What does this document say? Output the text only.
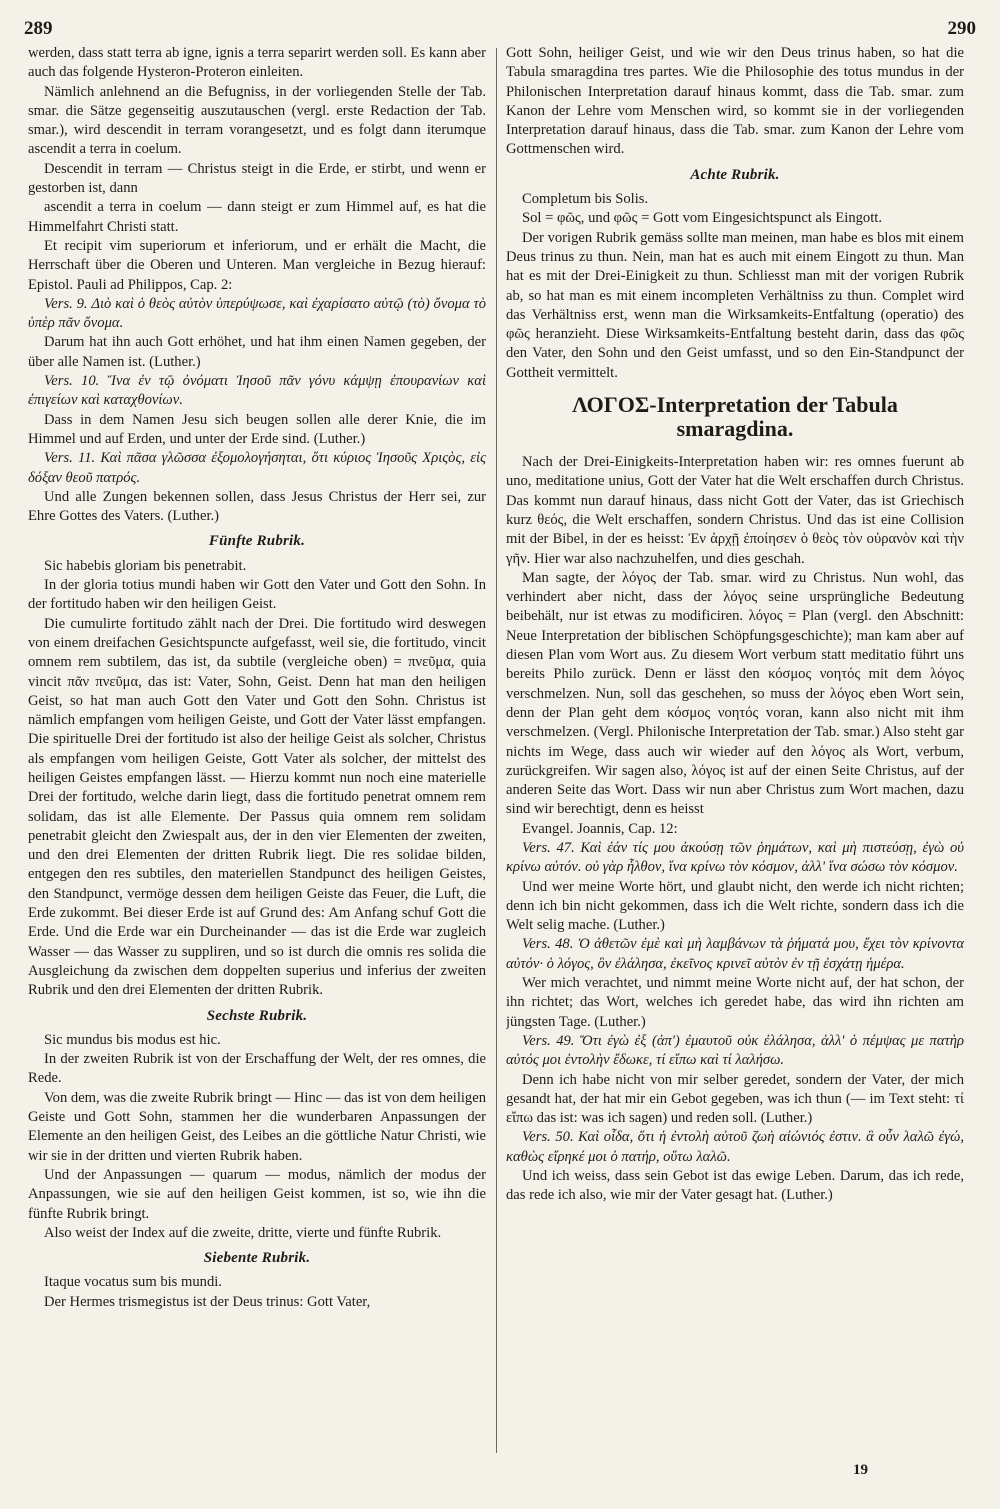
289	290

werden, dass statt terra ab igne, ignis a terra separirt werden soll. Es kann aber auch das folgende Hysteron-Proteron einleiten.

Nämlich anlehnend an die Befugniss, in der vorliegenden Stelle der Tab. smar. die Sätze gegenseitig auszutauschen (vergl. erste Redaction der Tab. smar.), wird descendit in terram vorangesetzt, und es folgt dann iterumque ascendit a terra in coelum.

Descendit in terram — Christus steigt in die Erde, er stirbt, und wenn er gestorben ist, dann

ascendit a terra in coelum — dann steigt er zum Himmel auf, es hat die Himmelfahrt Christi statt.

Et recipit vim superiorum et inferiorum, und er erhält die Macht, die Herrschaft über die Oberen und Unteren. Man vergleiche in Bezug hierauf: Epistol. Pauli ad Philippos, Cap. 2:

Vers. 9. Διὸ καὶ ὁ θεὸς αὐτὸν ὑπερύψωσε, καὶ ἐχαρίσατο αὐτῷ (τὸ) ὄνομα τὸ ὑπὲρ πᾶν ὄνομα.

Darum hat ihn auch Gott erhöhet, und hat ihm einen Namen gegeben, der über alle Namen ist. (Luther.)

Vers. 10. Ἵνα ἐν τῷ ὀνόματι Ἰησοῦ πᾶν γόνυ κάμψῃ ἐπουρανίων καὶ ἐπιγείων καὶ καταχθονίων.

Dass in dem Namen Jesu sich beugen sollen alle derer Knie, die im Himmel und auf Erden, und unter der Erde sind. (Luther.)

Vers. 11. Καὶ πᾶσα γλῶσσα ἐξομολογήσηται, ὅτι κύριος Ἰησοῦς Χριςὸς, εἰς δόξαν θεοῦ πατρός.

Und alle Zungen bekennen sollen, dass Jesus Christus der Herr sei, zur Ehre Gottes des Vaters. (Luther.)

Fünfte Rubrik.

Sic habebis gloriam bis penetrabit.

In der gloria totius mundi haben wir Gott den Vater und Gott den Sohn. In der fortitudo haben wir den heiligen Geist.

Die cumulirte fortitudo zählt nach der Drei. Die fortitudo wird deswegen von einem dreifachen Gesichtspuncte aufgefasst, weil sie, die fortitudo, vincit omnem rem subtilem, das ist, da subtile (vergleiche oben) = πνεῦμα, quia vincit πᾶν πνεῦμα, das ist: Vater, Sohn, Geist. Denn hat man den heiligen Geist, so hat man auch Gott den Vater und Gott den Sohn. Christus ist nämlich empfangen vom heiligen Geiste, und Gott der Vater lässt empfangen. Die spirituelle Drei der fortitudo ist also der heilige Geist als solcher, Christus als empfangen vom heiligen Geiste, Gott Vater als solcher, der mittelst des heiligen Geistes empfangen lässt. — Hierzu kommt nun noch eine materielle Drei der fortitudo, welche darin liegt, dass die fortitudo penetrat omnem rem solidam, das ist alle Elemente. Der Passus quia omnem rem solidam penetrabit gleicht den Zwiespalt aus, der in den vier Elementen der zweiten, und den drei Elementen der dritten Rubrik liegt. Die res solidae bilden, entgegen den res subtiles, den materiellen Standpunct des heiligen Geistes, den Standpunct, vermöge dessen dem heiligen Geiste das Feuer, die Luft, die Erde zukommt. Bei dieser Erde ist auf Grund des: Am Anfang schuf Gott die Erde. Und die Erde war ein Durcheinander — das ist die Erde war zugleich Wasser — das Wasser zu suppliren, und so ist durch die omnis res solida die Ausgleichung da zwischen dem doppelten superius und inferius der zweiten Rubrik und den drei Elementen der dritten Rubrik.

Sechste Rubrik.

Sic mundus bis modus est hic.

In der zweiten Rubrik ist von der Erschaffung der Welt, der res omnes, die Rede.

Von dem, was die zweite Rubrik bringt — Hinc — das ist von dem heiligen Geiste und Gott Sohn, stammen her die wunderbaren Anpassungen der Elemente an den heiligen Geist, des Leibes an die göttliche Natur Christi, wie wir sie in der dritten und vierten Rubrik haben.

Und der Anpassungen — quarum — modus, nämlich der modus der Anpassungen, wie sie auf den heiligen Geist kommen, ist so, wie ihn die fünfte Rubrik bringt.

Also weist der Index auf die zweite, dritte, vierte und fünfte Rubrik.

Siebente Rubrik.

Itaque vocatus sum bis mundi.

Der Hermes trismegistus ist der Deus trinus: Gott Vater,

Gott Sohn, heiliger Geist, und wie wir den Deus trinus haben, so hat die Tabula smaragdina tres partes. Wie die Philosophie des totus mundus in der Philonischen Interpretation darauf hinaus kommt, dass die Tab. smar. zum Kanon der Lehre vom Menschen wird, so kommt sie in der vorliegenden Interpretation darauf hinaus, dass die Tab. smar. zum Kanon der Lehre vom Gottmenschen wird.

Achte Rubrik.

Completum bis Solis.

Sol = φῶς, und φῶς = Gott vom Eingesichtspunct als Eingott.

Der vorigen Rubrik gemäss sollte man meinen, man habe es blos mit einem Deus trinus zu thun. Nein, man hat es auch mit einem Eingott zu thun. Man hat es mit der Drei-Einigkeit zu thun. Schliesst man mit der vorigen Rubrik ab, so hat man es mit einem incompleten Verhältniss zu thun. Complet wird das Verhältniss erst, wenn man die Wirksamkeits-Entfaltung (operatio) des φῶς heranzieht. Diese Wirksamkeits-Entfaltung besteht darin, dass das φῶς den Vater, den Sohn und den Geist umfasst, und so den Ein-Standpunct der Gottheit vermittelt.

ΛΟΓΟΣ-Interpretation der Tabula
smaragdina.

Nach der Drei-Einigkeits-Interpretation haben wir: res omnes fuerunt ab uno, meditatione unius, Gott der Vater hat die Welt erschaffen durch Christus. Das kommt nun darauf hinaus, dass nicht Gott der Vater, das ist Griechisch kurz θεός, die Welt erschaffen, sondern Christus. Und das ist eine Collision mit der Bibel, in der es heisst: Ἐν ἀρχῇ ἐποίησεν ὁ θεὸς τὸν οὐρανὸν καὶ τὴν γῆν. Hier war also nachzuhelfen, und dies geschah.

Man sagte, der λόγος der Tab. smar. wird zu Christus. Nun wohl, das verhindert aber nicht, dass der λόγος seine ursprüngliche Bedeutung beibehält, nur ist etwas zu modificiren. λόγος = Plan (vergl. den Abschnitt: Neue Interpretation der biblischen Schöpfungsgeschichte); man kam aber auf diesen Plan vom Wort aus. Zu diesem Wort verbum statt meditatio führt uns bereits Philo zurück. Denn er lässt den κόσμος νοητός mit dem λόγος verschmelzen. Nun, soll das geschehen, so muss der λόγος eben Wort sein, denn der Plan geht dem κόσμος νοητός voran, kann also nicht mit ihm verschmelzen. (Vergl. Philonische Interpretation der Tab. smar.) Also steht gar nichts im Wege, dass auch wir wieder auf den λόγος als Wort, verbum, zurückgreifen. Wir sagen also, λόγος ist auf der einen Seite Christus, auf der anderen Seite das Wort. Dass wir nun aber Christus zum Wort machen, dazu sind wir berechtigt, denn es heisst

Evangel. Joannis, Cap. 12:

Vers. 47. Καὶ ἐάν τίς μου ἀκούσῃ τῶν ῥημάτων, καὶ μὴ πιστεύσῃ, ἐγὼ οὐ κρίνω αὐτόν. οὐ γὰρ ἦλθον, ἵνα κρίνω τὸν κόσμον, ἀλλ' ἵνα σώσω τὸν κόσμον.

Und wer meine Worte hört, und glaubt nicht, den werde ich nicht richten; denn ich bin nicht gekommen, dass ich die Welt richte, sondern dass ich die Welt selig mache. (Luther.)

Vers. 48. Ὁ ἀθετῶν ἐμὲ καὶ μὴ λαμβάνων τὰ ῥήματά μου, ἔχει τὸν κρίνοντα αὐτόν· ὁ λόγος, ὃν ἐλάλησα, ἐκεῖνος κρινεῖ αὐτὸν ἐν τῇ ἐσχάτῃ ἡμέρα.

Wer mich verachtet, und nimmt meine Worte nicht auf, der hat schon, der ihn richtet; das Wort, welches ich geredet habe, das wird ihn richten am jüngsten Tage. (Luther.)

Vers. 49. Ὅτι ἐγὼ ἐξ (ἀπ') ἐμαυτοῦ οὐκ ἐλάλησα, ἀλλ' ὁ πέμψας με πατὴρ αὐτός μοι ἐντολὴν ἔδωκε, τί εἴπω καὶ τί λαλήσω.

Denn ich habe nicht von mir selber geredet, sondern der Vater, der mich gesandt hat, der hat mir ein Gebot gegeben, was ich thun (— im Text steht: τί εἴπω das ist: was ich sagen) und reden soll. (Luther.)

Vers. 50. Καὶ οἶδα, ὅτι ἡ ἐντολὴ αὐτοῦ ζωὴ αἰώνιός ἐστιν. ἃ οὖν λαλῶ ἐγώ, καθὼς εἴρηκέ μοι ὁ πατήρ, οὕτω λαλῶ.

Und ich weiss, dass sein Gebot ist das ewige Leben. Darum, das ich rede, das rede ich also, wie mir der Vater gesagt hat. (Luther.)

19
